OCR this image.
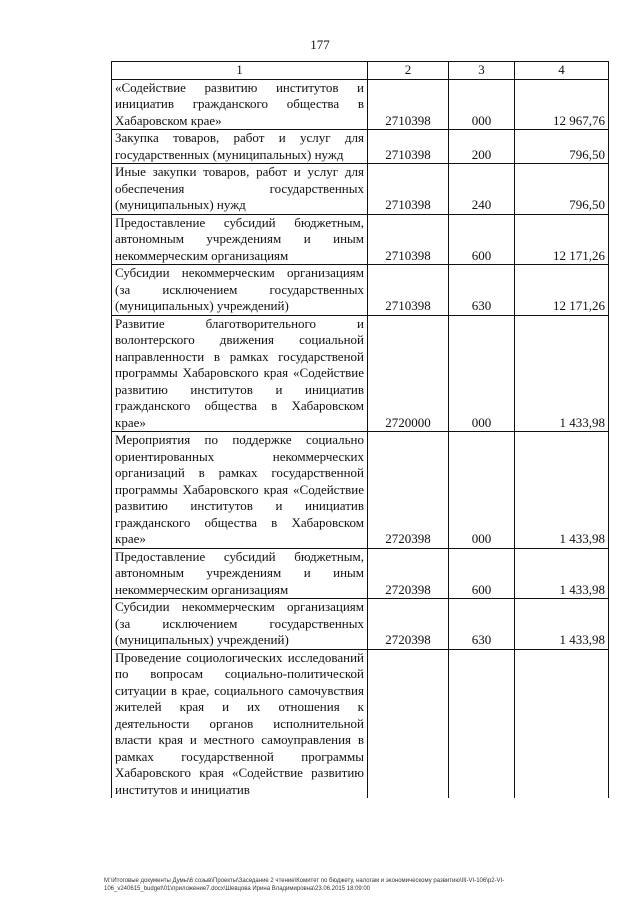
177
1	2	3	4
«Содействие развитию институтов и инициатив гражданского общества в Хабаровском крае»	2710398	000	12 967,76
Закупка товаров, работ и услуг для государственных (муниципальных) нужд	2710398	200	796,50
Иные закупки товаров, работ и услуг для обеспечения государственных (муниципальных) нужд	2710398	240	796,50
Предоставление субсидий бюджетным, автономным учреждениям и иным некоммерческим организациям	2710398	600	12 171,26
Субсидии некоммерческим организациям (за исключением государственных (муниципальных) учреждений)	2710398	630	12 171,26
Развитие благотворительного и волонтерского движения социальной направленности в рамках государственой программы Хабаровского края «Содействие развитию институтов и инициатив гражданского общества в Хабаровском крае»	2720000	000	1 433,98
Мероприятия по поддержке социально ориентированных некоммерческих организаций в рамках государственной программы Хабаровского края «Содействие развитию институтов и инициатив гражданского общества в Хабаровском крае»	2720398	000	1 433,98
Предоставление субсидий бюджетным, автономным учреждениям и иным некоммерческим организациям	2720398	600	1 433,98
Субсидии некоммерческим организациям (за исключением государственных (муниципальных) учреждений)	2720398	630	1 433,98
Проведение социологических исследований по вопросам социально-политической ситуации в крае, социального самочувствия жителей края и их отношения к деятельности органов исполнительной власти края и местного самоуправления в рамках государственной программы Хабаровского края «Содействие развитию институтов и инициатив			
M:\Итоговые документы Думы\6 созыв\Проекты\Заседание 2 чтение\Комитет по бюджету, налогам и экономическому развитию\III-VI-106\p2-VI-106_v240615_budget\01\приложение7.docx\Шевцова Ирина Владимировна\23.06.2015 18:09:00
